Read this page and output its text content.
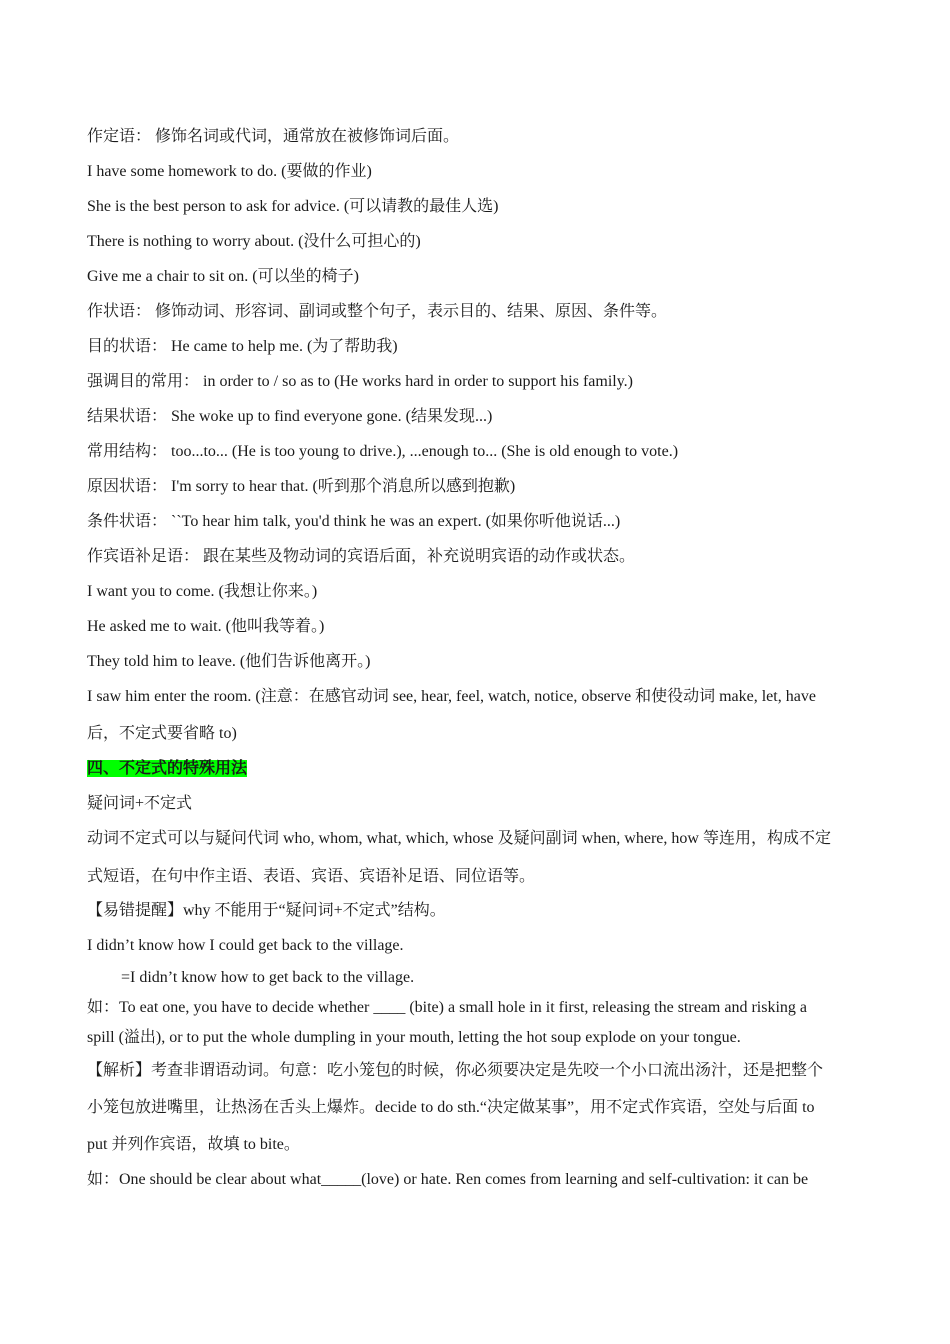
作定语： 修饰名词或代词，通常放在被修饰词后面。
I have some homework to do. (要做的作业)
She is the best person to ask for advice. (可以请教的最佳人选)
There is nothing to worry about. (没什么可担心的)
Give me a chair to sit on. (可以坐的椅子)
作状语： 修饰动词、形容词、副词或整个句子，表示目的、结果、原因、条件等。
目的状语： He came to help me. (为了帮助我)
强调目的常用： in order to / so as to (He works hard in order to support his family.)
结果状语： She woke up to find everyone gone. (结果发现...)
常用结构： too...to... (He is too young to drive.), ...enough to... (She is old enough to vote.)
原因状语： I'm sorry to hear that. (听到那个消息所以感到抱歉)
条件状语： ``To hear him talk, you'd think he was an expert. (如果你听他说话...)
作宾语补足语： 跟在某些及物动词的宾语后面，补充说明宾语的动作或状态。
I want you to come. (我想让你来。)
He asked me to wait. (他叫我等着。)
They told him to leave. (他们告诉他离开。)
I saw him enter the room. (注意：在感官动词 see, hear, feel, watch, notice, observe 和使役动词 make, let, have
后，不定式要省略 to)
四、不定式的特殊用法
疑问词+不定式
动词不定式可以与疑问代词 who, whom, what, which, whose 及疑问副词 when, where, how 等连用，构成不定
式短语，在句中作主语、表语、宾语、宾语补足语、同位语等。
【易错提醒】why 不能用于“疑问词+不定式”结构。
I didn’t know how I could get back to the village.
=I didn’t know how to get back to the village.
如：To eat one, you have to decide whether ____ (bite) a small hole in it first, releasing the stream and risking a
spill (溢出), or to put the whole dumpling in your mouth, letting the hot soup explode on your tongue.
【解析】考查非谓语动词。句意：吃小笼包的时候，你必须要决定是先咬一个小口流出汤汁，还是把整个
小笼包放进嘴里，让热汤在舌头上爆炸。decide to do sth.“决定做某事”，用不定式作宾语，空处与后面 to
put 并列作宾语，故填 to bite。
如：One should be clear about what_____(love) or hate. Ren comes from learning and self-cultivation: it can be
